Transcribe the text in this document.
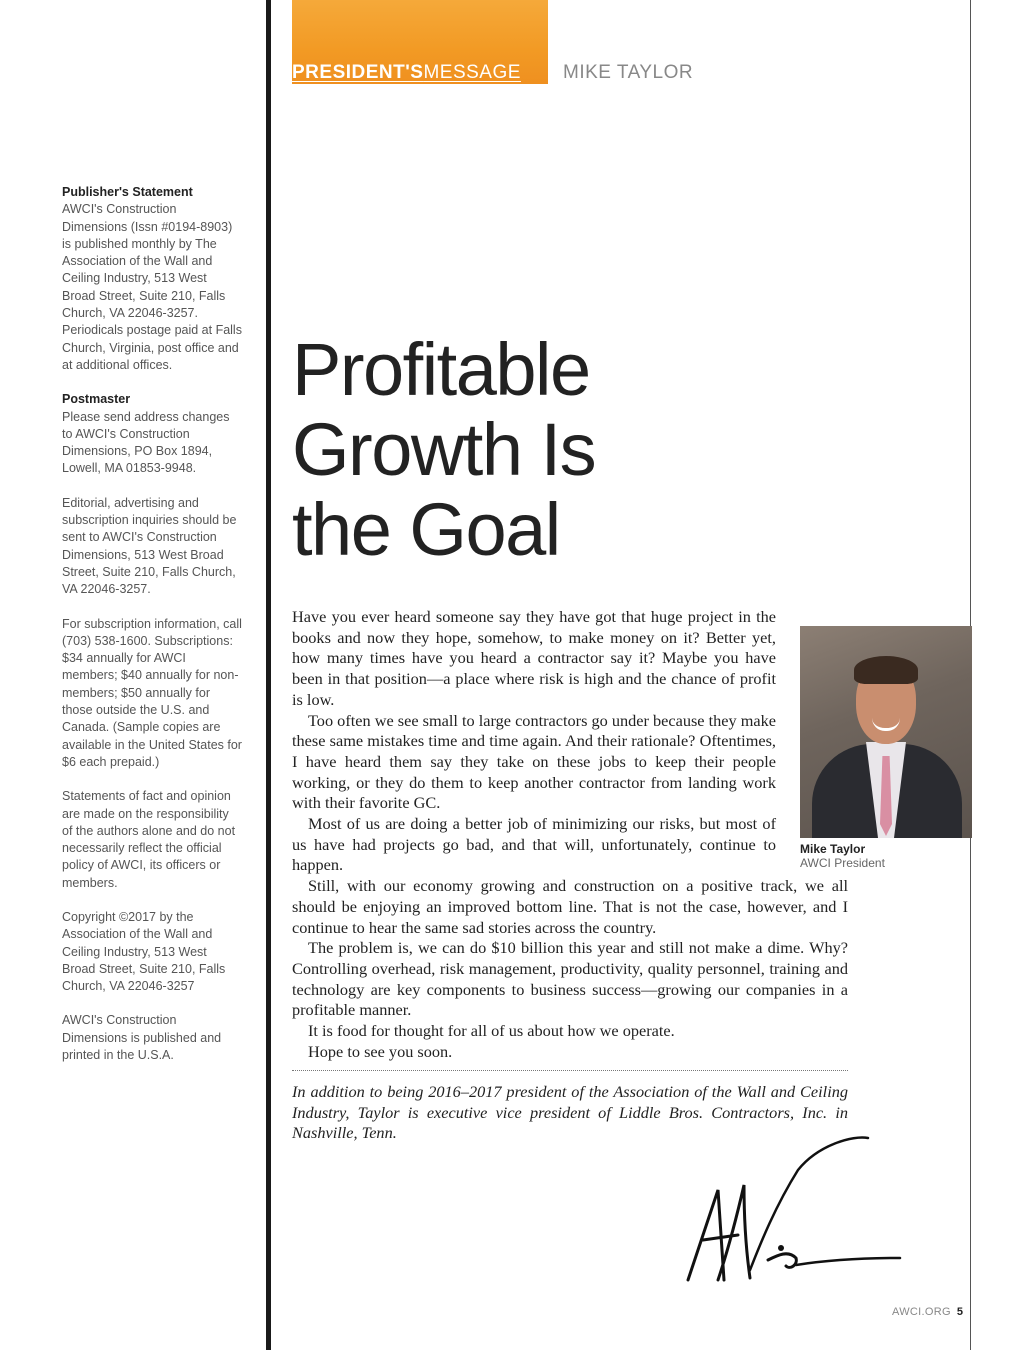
PRESIDENT'SMESSAGE MIKE TAYLOR

Publisher's Statement

AWCI's Construction Dimensions (Issn #0194-8903) is published monthly by The Association of the Wall and Ceiling Industry, 513 West Broad Street, Suite 210, Falls Church, VA 22046-3257. Periodicals postage paid at Falls Church, Virginia, post office and at additional offices.

Postmaster

Please send address changes to AWCI's Construction Dimensions, PO Box 1894, Lowell, MA 01853-9948.

Editorial, advertising and subscription inquiries should be sent to AWCI's Construction Dimensions, 513 West Broad Street, Suite 210, Falls Church, VA 22046-3257.

For subscription information, call (703) 538-1600. Subscriptions: $34 annually for AWCI members; $40 annually for non-members; $50 annually for those outside the U.S. and Canada. (Sample copies are available in the United States for $6 each prepaid.)

Statements of fact and opinion are made on the responsibility of the authors alone and do not necessarily reflect the official policy of AWCI, its officers or members.

Copyright ©2017 by the Association of the Wall and Ceiling Industry, 513 West Broad Street, Suite 210, Falls Church, VA 22046-3257

AWCI's Construction Dimensions is published and printed in the U.S.A.

Profitable
Growth Is
the Goal

Have you ever heard someone say they have got that huge project in the books and now they hope, somehow, to make money on it? Better yet, how many times have you heard a contractor say it? Maybe you have been in that position—a place where risk is high and the chance of profit is low.

Too often we see small to large contractors go under because they make these same mistakes time and time again. And their rationale? Oftentimes, I have heard them say they take on these jobs to keep their people working, or they do them to keep another contractor from landing work with their favorite GC.

Most of us are doing a better job of minimizing our risks, but most of us have had projects go bad, and that will, unfortunately, continue to happen.

Still, with our economy growing and construction on a positive track, we all should be enjoying an improved bottom line. That is not the case, however, and I continue to hear the same sad stories across the country.

The problem is, we can do $10 billion this year and still not make a dime. Why? Controlling overhead, risk management, productivity, quality personnel, training and technology are key components to business success—growing our companies in a profitable manner.

It is food for thought for all of us about how we operate.

Hope to see you soon.

Mike Taylor
AWCI President
In addition to being 2016–2017 president of the Association of the Wall and Ceiling Industry, Taylor is executive vice president of Liddle Bros. Contractors, Inc. in Nashville, Tenn.
AWCI.ORG 5
